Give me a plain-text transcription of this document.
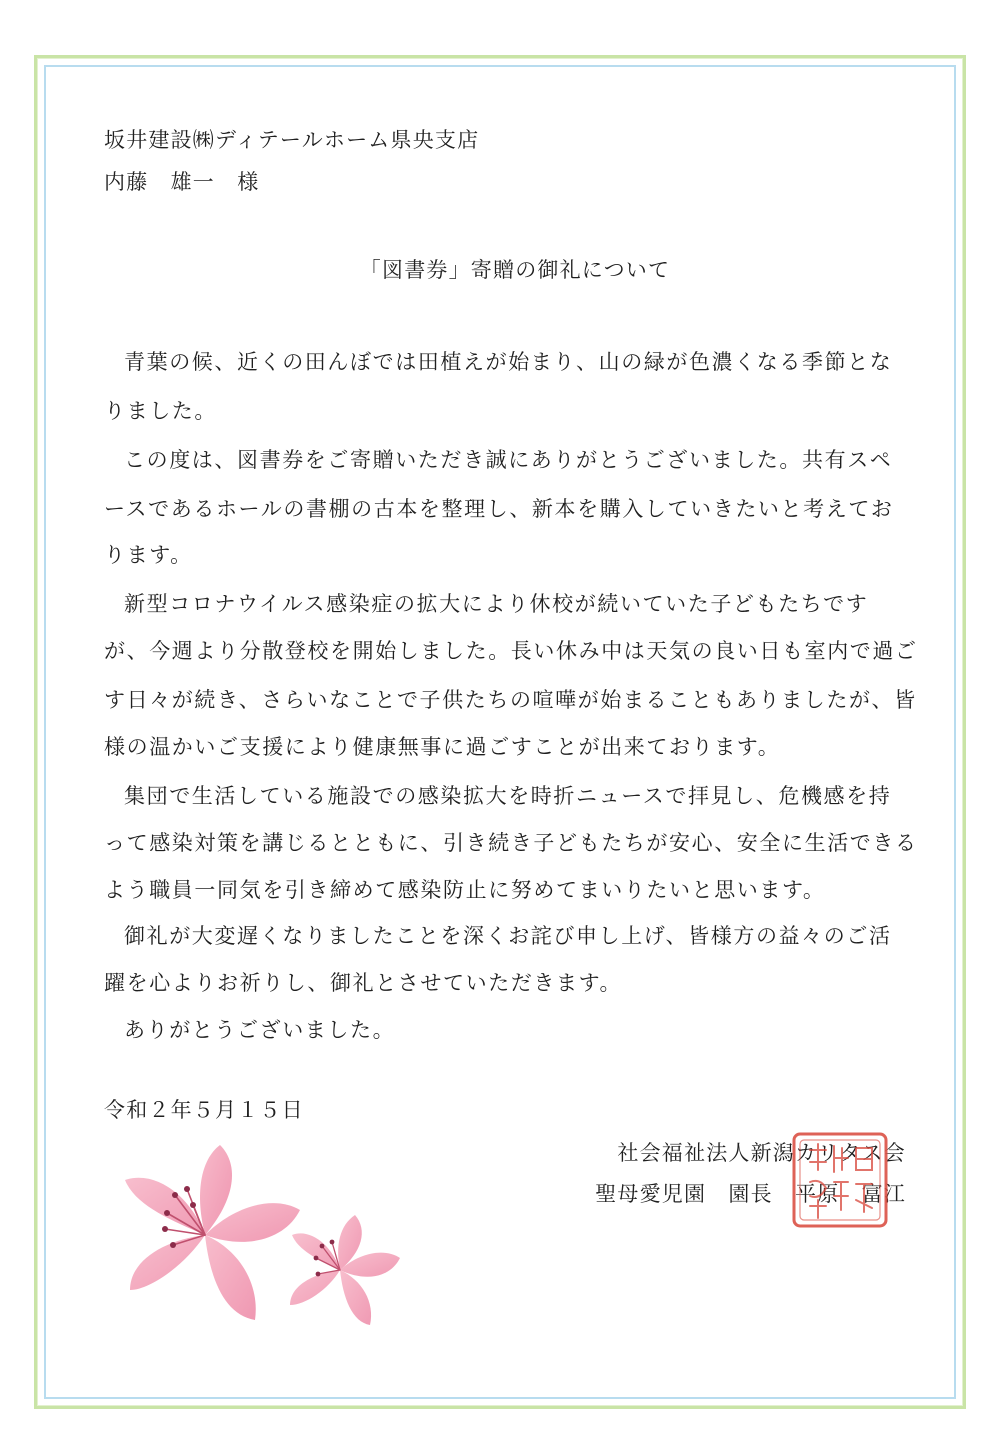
坂井建設㈱ディテールホーム県央支店
内藤　雄一　様
「図書券」寄贈の御礼について
青葉の候、近くの田んぼでは田植えが始まり、山の緑が色濃くなる季節とな
りました。
この度は、図書券をご寄贈いただき誠にありがとうございました。共有スペ
ースであるホールの書棚の古本を整理し、新本を購入していきたいと考えてお
ります。
新型コロナウイルス感染症の拡大により休校が続いていた子どもたちです
が、今週より分散登校を開始しました。長い休み中は天気の良い日も室内で過ご
す日々が続き、さらいなことで子供たちの喧嘩が始まることもありましたが、皆
様の温かいご支援により健康無事に過ごすことが出来ております。
集団で生活している施設での感染拡大を時折ニュースで拝見し、危機感を持
って感染対策を講じるとともに、引き続き子どもたちが安心、安全に生活できる
よう職員一同気を引き締めて感染防止に努めてまいりたいと思います。
御礼が大変遅くなりましたことを深くお詫び申し上げ、皆様方の益々のご活
躍を心よりお祈りし、御礼とさせていただきます。
ありがとうございました。
令和２年５月１５日
社会福祉法人新潟カリタス会
聖母愛児園　園長　平原　富江
